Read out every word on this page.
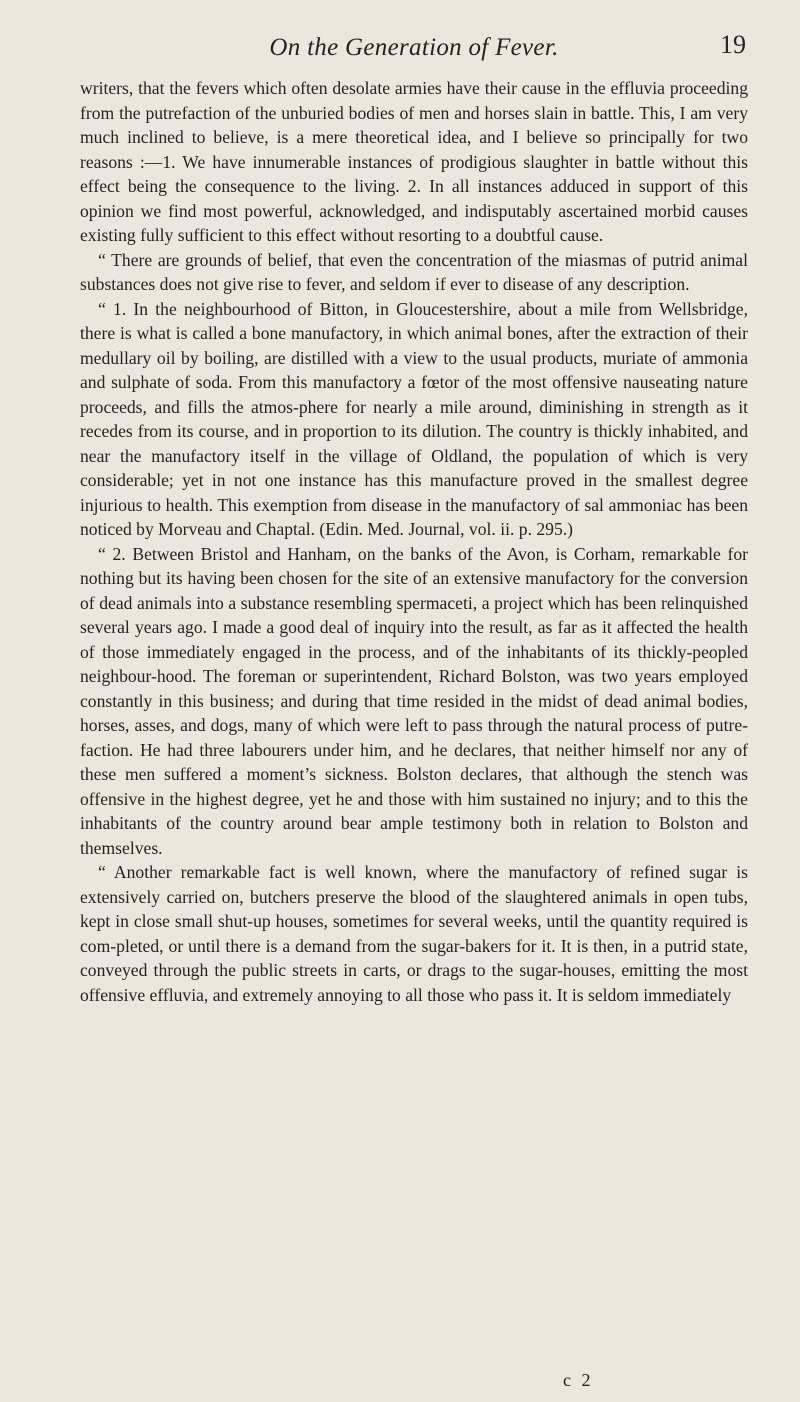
On the Generation of Fever.	19

writers, that the fevers which often desolate armies have their cause in the effluvia proceeding from the putrefaction of the unburied bodies of men and horses slain in battle. This, I am very much inclined to believe, is a mere theoretical idea, and I believe so principally for two reasons :—1. We have innumerable instances of prodigious slaughter in battle without this effect being the consequence to the living. 2. In all instances adduced in support of this opinion we find most powerful, acknowledged, and indisputably ascertained morbid causes existing fully sufficient to this effect without resorting to a doubtful cause.

“ There are grounds of belief, that even the concentration of the miasmas of putrid animal substances does not give rise to fever, and seldom if ever to disease of any description.

“ 1. In the neighbourhood of Bitton, in Gloucestershire, about a mile from Wellsbridge, there is what is called a bone manufactory, in which animal bones, after the extraction of their medullary oil by boiling, are distilled with a view to the usual products, muriate of ammonia and sulphate of soda. From this manufactory a fœtor of the most offensive nauseating nature proceeds, and fills the atmos-phere for nearly a mile around, diminishing in strength as it recedes from its course, and in proportion to its dilution. The country is thickly inhabited, and near the manufactory itself in the village of Oldland, the population of which is very considerable; yet in not one instance has this manufacture proved in the smallest degree injurious to health. This exemption from disease in the manufactory of sal ammoniac has been noticed by Morveau and Chaptal. (Edin. Med. Journal, vol. ii. p. 295.)

“ 2. Between Bristol and Hanham, on the banks of the Avon, is Corham, remarkable for nothing but its having been chosen for the site of an extensive manufactory for the conversion of dead animals into a substance resembling spermaceti, a project which has been relinquished several years ago. I made a good deal of inquiry into the result, as far as it affected the health of those immediately engaged in the process, and of the inhabitants of its thickly-peopled neighbour-hood. The foreman or superintendent, Richard Bolston, was two years employed constantly in this business; and during that time resided in the midst of dead animal bodies, horses, asses, and dogs, many of which were left to pass through the natural process of putre-faction. He had three labourers under him, and he declares, that neither himself nor any of these men suffered a moment’s sickness. Bolston declares, that although the stench was offensive in the highest degree, yet he and those with him sustained no injury; and to this the inhabitants of the country around bear ample testimony both in relation to Bolston and themselves.

“ Another remarkable fact is well known, where the manufactory of refined sugar is extensively carried on, butchers preserve the blood of the slaughtered animals in open tubs, kept in close small shut-up houses, sometimes for several weeks, until the quantity required is com-pleted, or until there is a demand from the sugar-bakers for it. It is then, in a putrid state, conveyed through the public streets in carts, or drags to the sugar-houses, emitting the most offensive effluvia, and extremely annoying to all those who pass it. It is seldom immediately

c 2
